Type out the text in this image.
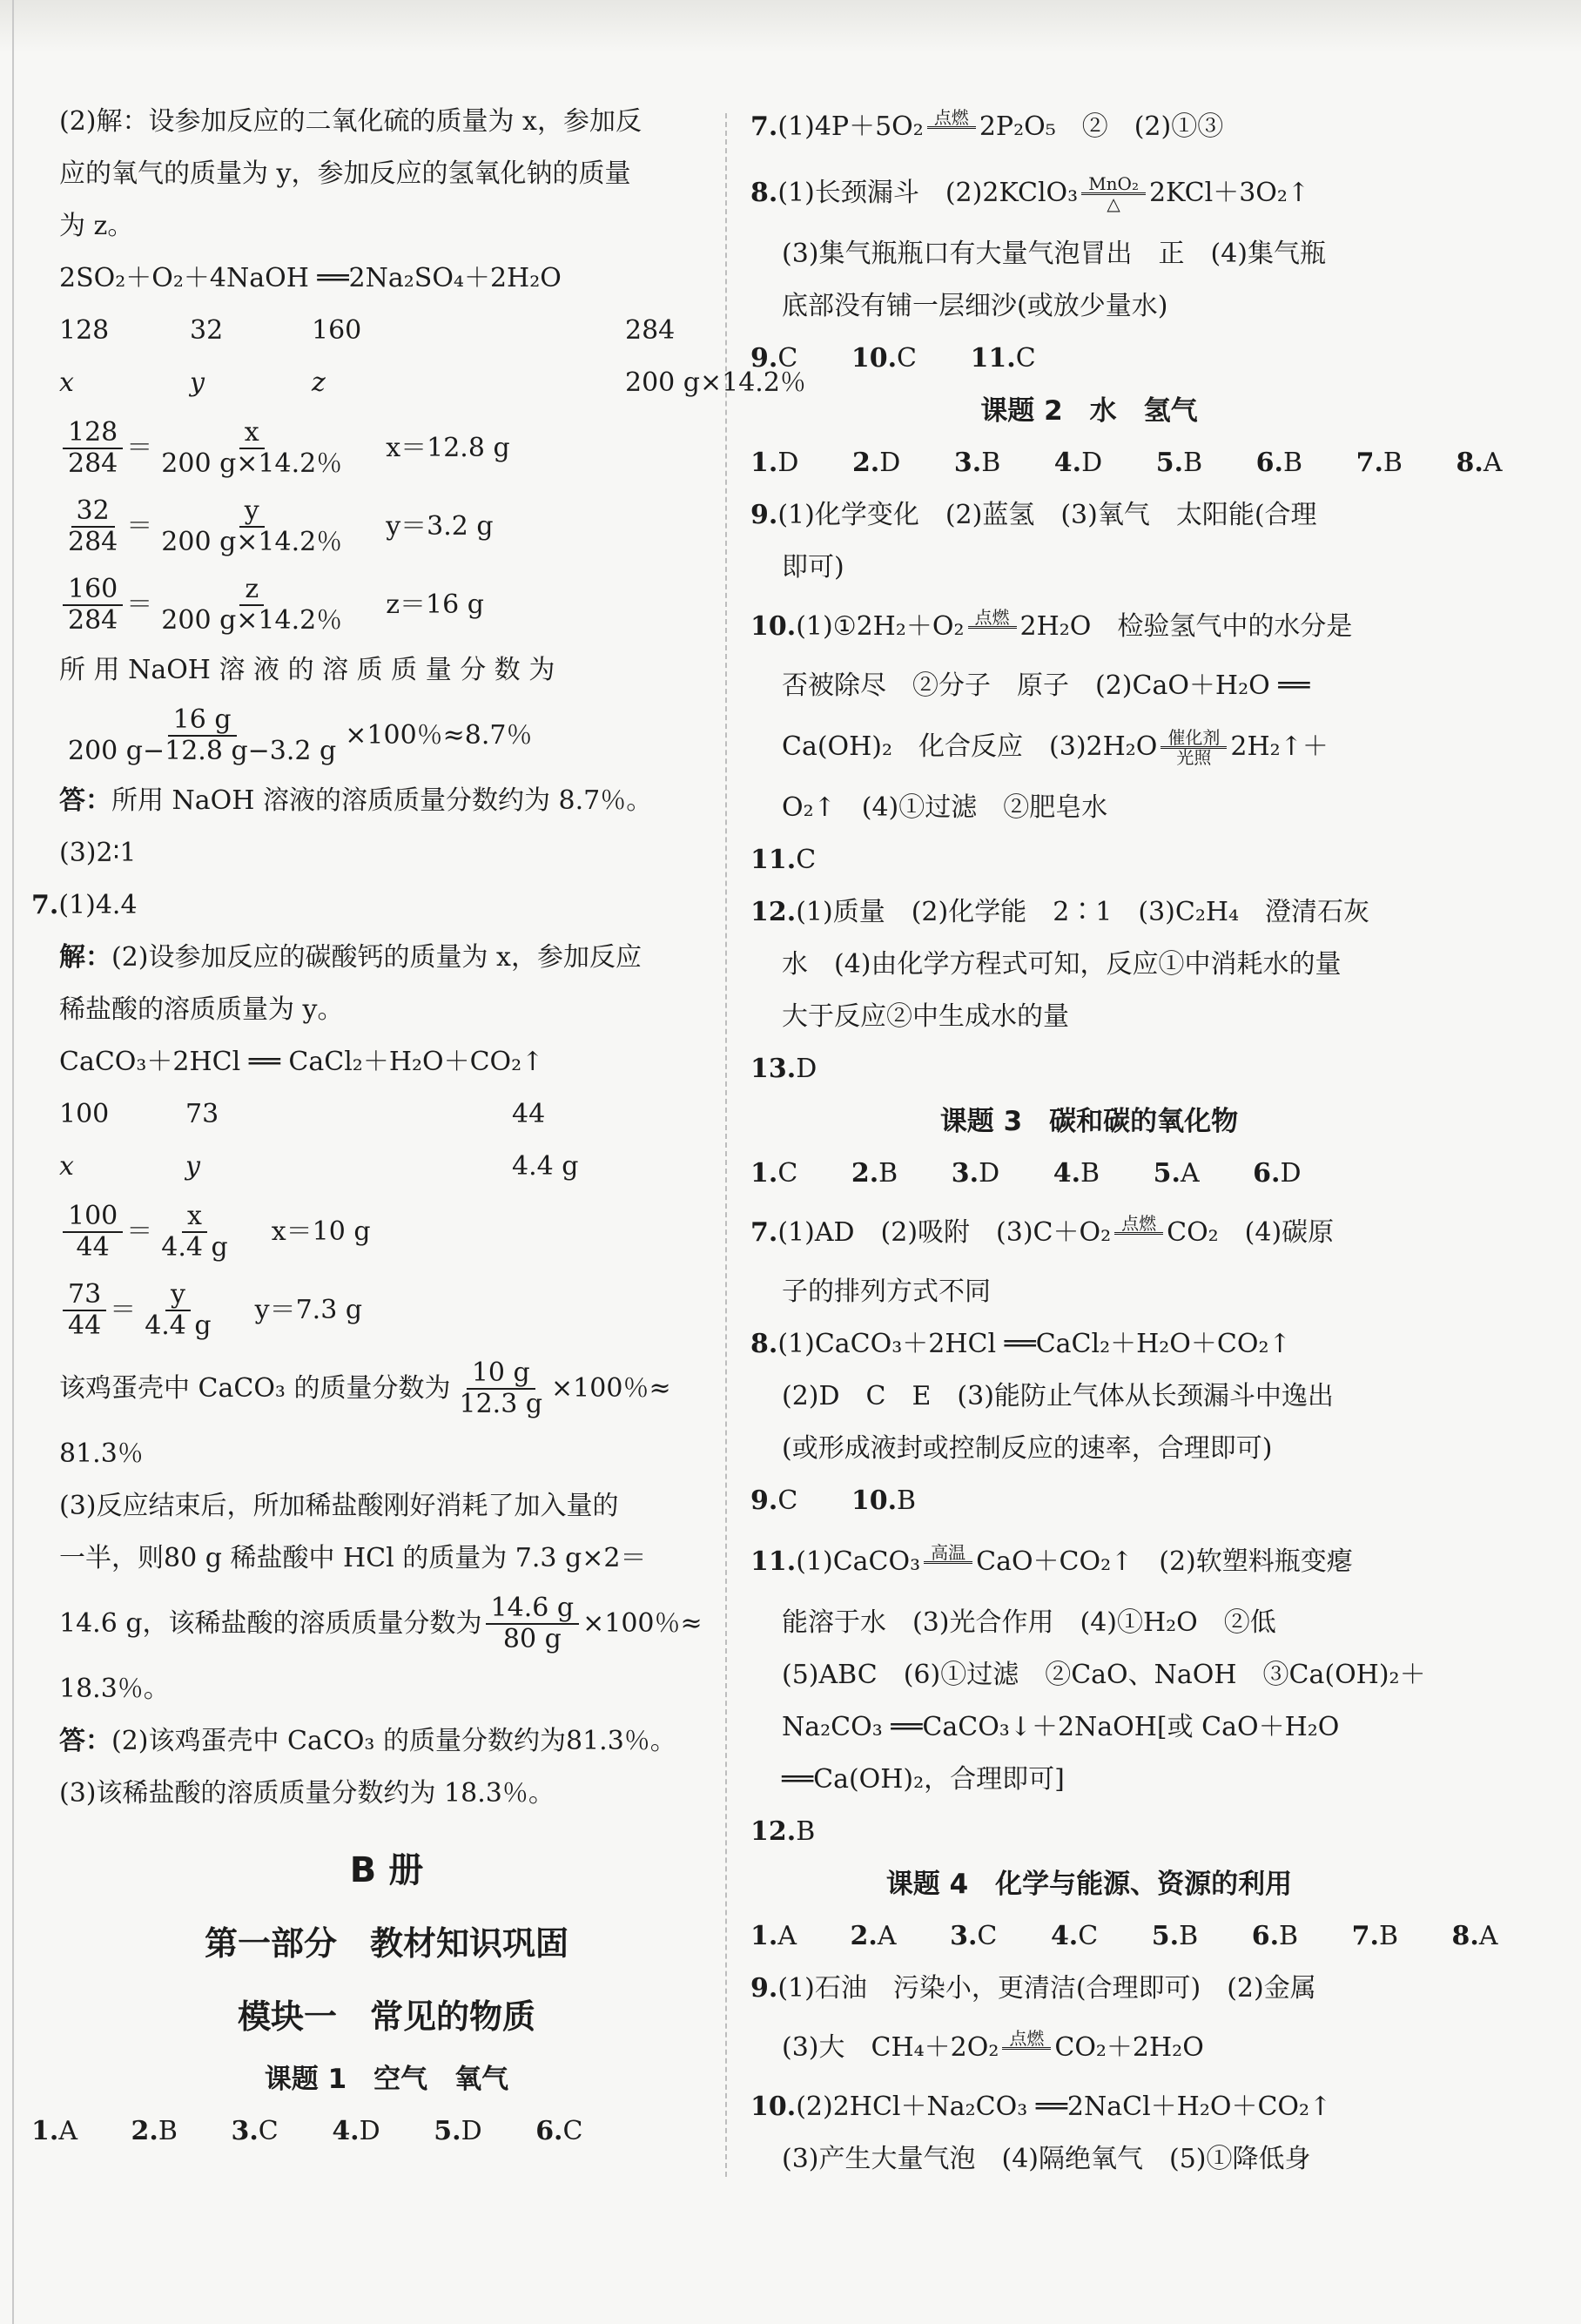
(2)解：设参加反应的二氧化硫的质量为 x，参加反
应的氧气的质量为 y，参加反应的氢氧化钠的质量
为 z。
2SO₂＋O₂＋4NaOH ══2Na₂SO₄＋2H₂O
128	32	160	284
x	y	z	200 g×14.2％
$\frac{128}{284} = \frac{x}{200 g\times 14.2\%} x=12.8$ g
$\frac{32}{284} = \frac{y}{200 g\times 14.2\%} y=3.2$ g
$\frac{160}{284} = \frac{z}{200 g\times 14.2\%} z=16$ g
所 用 NaOH 溶 液 的 溶 质 质 量 分 数 为
$\frac{16 g}{200 g-12.8 g-3.2 g} \times 100$％≈8.7％
答：所用 NaOH 溶液的溶质质量分数约为 8.7％。
(3)2∶1
7.(1)4.4
解：(2)设参加反应的碳酸钙的质量为 x，参加反应
稀盐酸的溶质质量为 y。
CaCO₃＋2HCl ══ CaCl₂＋H₂O＋CO₂↑
100	73	44
x	y	4.4 g
$\frac{100}{44} = \frac{x}{4.4 g} x=10$ g
$\frac{73}{44} = \frac{y}{4.4 g} y=7.3$ g
该鸡蛋壳中 CaCO₃ 的质量分数为 $\frac{10 g}{12.3 g} \times 100$％≈
81.3％
(3)反应结束后，所加稀盐酸刚好消耗了加入量的
一半，则80 g 稀盐酸中 HCl 的质量为 7.3 g×2＝
14.6 g，该稀盐酸的溶质质量分数为 $\frac{14.6 g}{80 g} \times 100$％≈
18.3％。
答：(2)该鸡蛋壳中 CaCO₃ 的质量分数约为81.3％。
(3)该稀盐酸的溶质质量分数约为 18.3％。
B 册
第一部分　教材知识巩固
模块一　常见的物质
课题 1　空气　氧气
1.A 2.B 3.C 4.D 5.D 6.C
7. (1)4P＋5O₂ 点燃 2P₂O₅　②　(2)①③
8. (1)长颈漏斗　(2)2KClO₃ MnO₂
△ 2KCl＋3O₂↑
(3)集气瓶瓶口有大量气泡冒出　正　(4)集气瓶
底部没有铺一层细沙(或放少量水)
9.C 10.C 11.C
课题 2　水　氢气
1.D 2.D 3.B 4.D 5.B 6.B 7.B 8.A
9.(1)化学变化　(2)蓝氢　(3)氧气　太阳能(合理
即可)
10. (1)①2H₂＋O₂ 点燃 2H₂O　检验氢气中的水分是
否被除尽　②分子　原子　(2)CaO＋H₂O ══
Ca(OH)₂　化合反应　(3)2H₂O 催化剂
光照 2H₂↑＋
O₂↑　(4)①过滤　②肥皂水
11.C
12.(1)质量　(2)化学能　2∶1　(3)C₂H₄　澄清石灰
水　(4)由化学方程式可知，反应①中消耗水的量
大于反应②中生成水的量
13.D
课题 3　碳和碳的氧化物
1.C 2.B 3.D 4.B 5.A 6.D
7. (1)AD　(2)吸附　(3)C＋O₂ 点燃 CO₂　(4)碳原
子的排列方式不同
8.(1)CaCO₃＋2HCl ══CaCl₂＋H₂O＋CO₂↑
(2)D　C　E　(3)能防止气体从长颈漏斗中逸出
(或形成液封或控制反应的速率，合理即可)
9.C 10.B
11. (1)CaCO₃ 高温 CaO＋CO₂↑　(2)软塑料瓶变瘪
能溶于水　(3)光合作用　(4)①H₂O　②低
(5)ABC　(6)①过滤　②CaO、NaOH　③Ca(OH)₂＋
Na₂CO₃ ══CaCO₃↓＋2NaOH[或 CaO＋H₂O
══Ca(OH)₂，合理即可]
12.B
课题 4　化学与能源、资源的利用
1.A 2.A 3.C 4.C 5.B 6.B 7.B 8.A
9.(1)石油　污染小，更清洁(合理即可)　(2)金属
(3)大　CH₄＋2O₂ 点燃 CO₂＋2H₂O
10.(2)2HCl＋Na₂CO₃ ══2NaCl＋H₂O＋CO₂↑
(3)产生大量气泡　(4)隔绝氧气　(5)①降低身
